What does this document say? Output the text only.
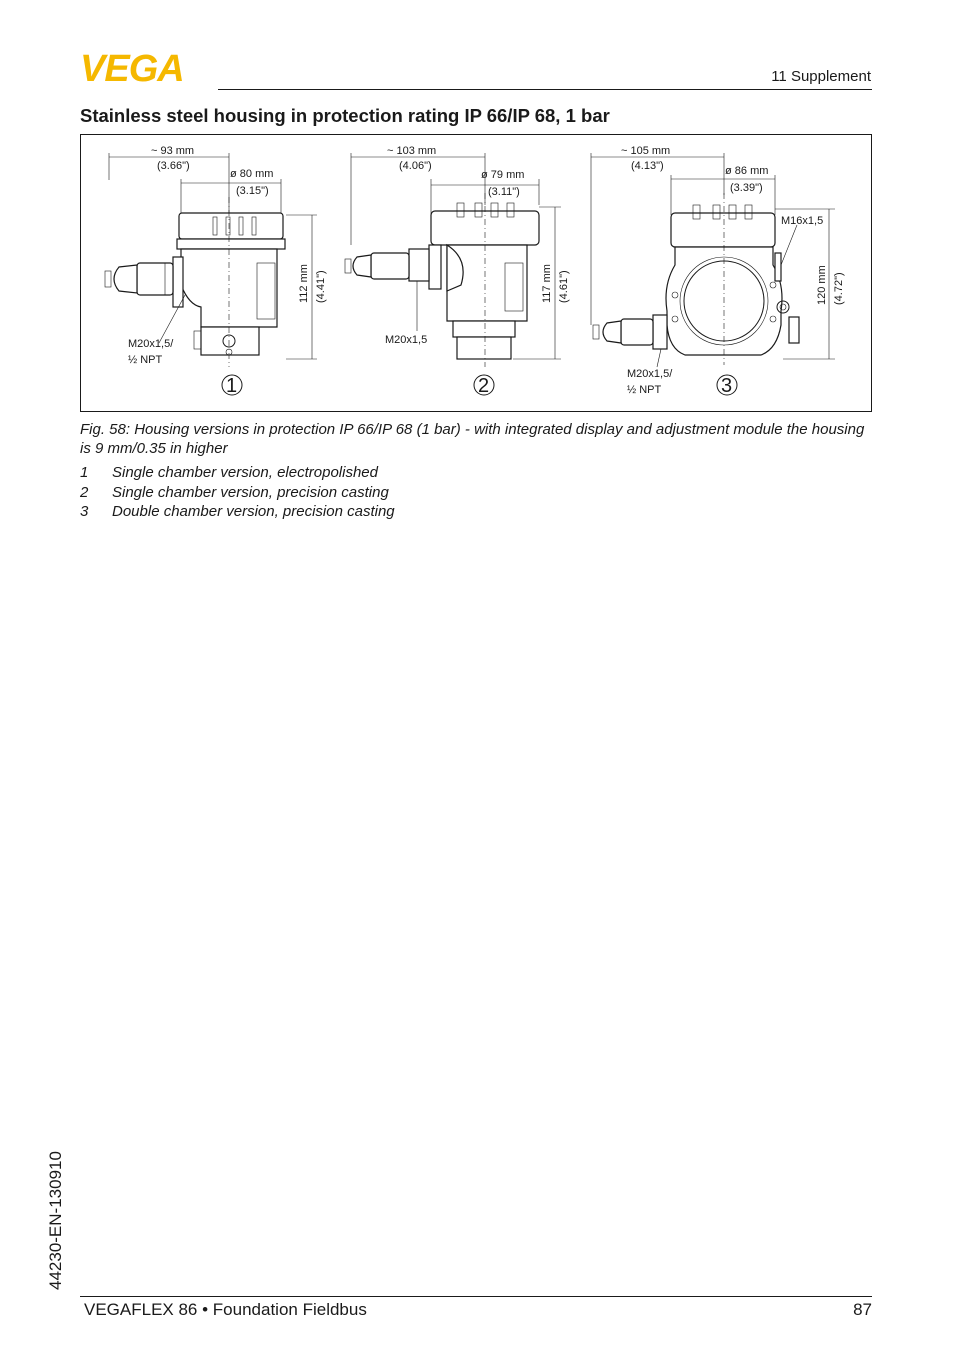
VEGA	11 Supplement
Stainless steel housing in protection rating IP 66/IP 68, 1 bar
~ 93 mm
(3.66")
ø 80 mm
(3.15")
112 mm (4.41")
M20x1,5/
½ NPT
1
~ 103 mm
(4.06")
ø 79 mm
(3.11")
117 mm (4.61")
M20x1,5
2
~ 105 mm
(4.13")	ø 86 mm
(3.39")
M16x1,5
120 mm (4.72")
M20x1,5/
½ NPT	3
Fig. 58: Housing versions in protection IP 66/IP 68 (1 bar) - with integrated display and adjustment module the housing is 9 mm/0.35 in higher
1 Single chamber version, electropolished
2 Single chamber version, precision casting
3 Double chamber version, precision casting
44230-EN-130910
VEGAFLEX 86 • Foundation Fieldbus	87
